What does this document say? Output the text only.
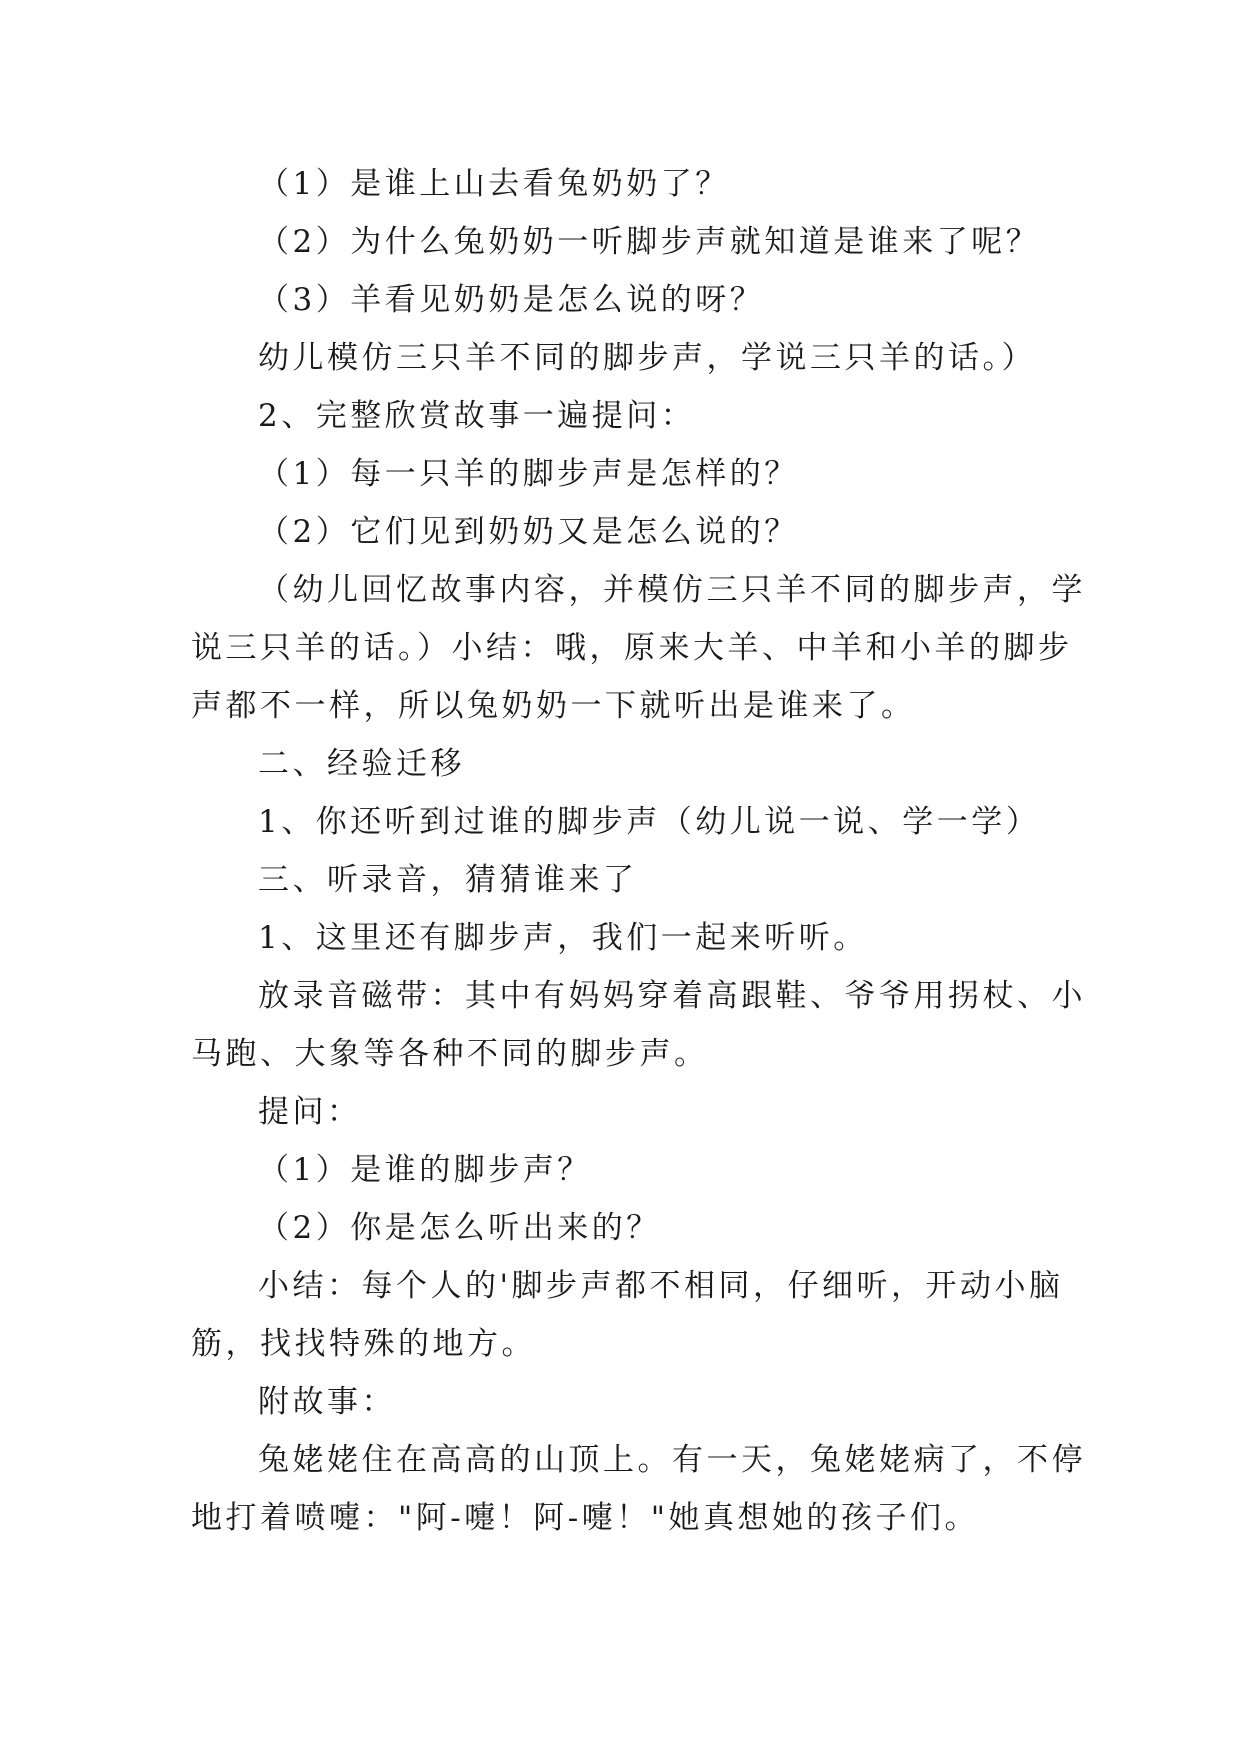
（1）是谁上山去看兔奶奶了？
（2）为什么兔奶奶一听脚步声就知道是谁来了呢？
（3）羊看见奶奶是怎么说的呀？
幼儿模仿三只羊不同的脚步声，学说三只羊的话。）
2、完整欣赏故事一遍提问：
（1）每一只羊的脚步声是怎样的？
（2）它们见到奶奶又是怎么说的？
（幼儿回忆故事内容，并模仿三只羊不同的脚步声，学
说三只羊的话。）小结：哦，原来大羊、中羊和小羊的脚步
声都不一样，所以兔奶奶一下就听出是谁来了。
二、经验迁移
1、你还听到过谁的脚步声（幼儿说一说、学一学）
三、听录音，猜猜谁来了
1、这里还有脚步声，我们一起来听听。
放录音磁带：其中有妈妈穿着高跟鞋、爷爷用拐杖、小
马跑、大象等各种不同的脚步声。
提问：
（1）是谁的脚步声？
（2）你是怎么听出来的？
小结：每个人的'脚步声都不相同，仔细听，开动小脑
筋，找找特殊的地方。
附故事：
兔姥姥住在高高的山顶上。有一天，兔姥姥病了，不停
地打着喷嚏："阿-嚏！阿-嚏！"她真想她的孩子们。
